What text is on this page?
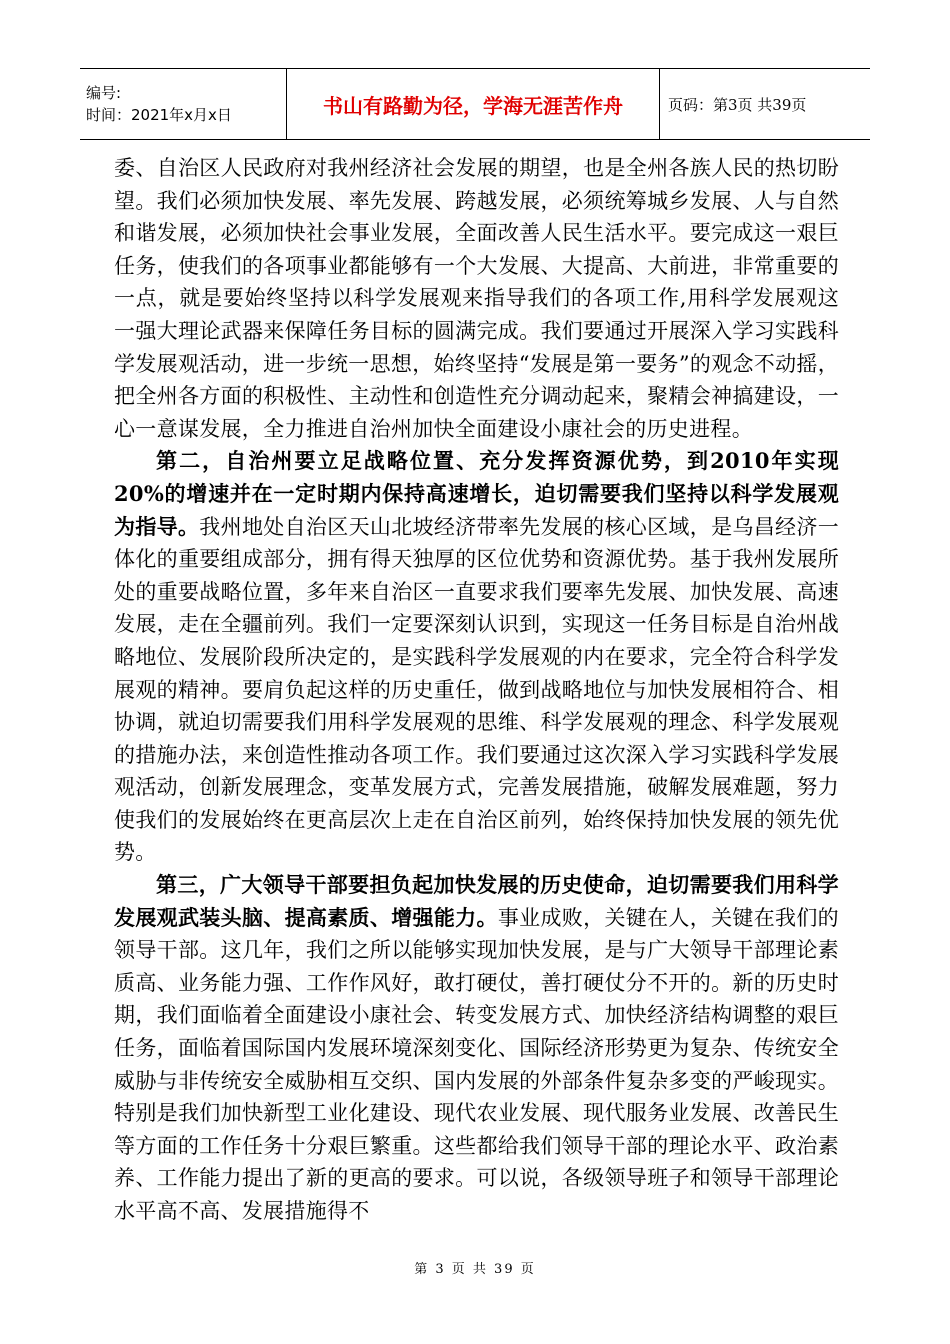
编号:
时间：2021年x月x日	书山有路勤为径，学海无涯苦作舟	页码：第3页 共39页

委、自治区人民政府对我州经济社会发展的期望，也是全州各族人民的热切盼望。我们必须加快发展、率先发展、跨越发展，必须统筹城乡发展、人与自然和谐发展，必须加快社会事业发展，全面改善人民生活水平。要完成这一艰巨任务，使我们的各项事业都能够有一个大发展、大提高、大前进，非常重要的一点，就是要始终坚持以科学发展观来指导我们的各项工作,用科学发展观这一强大理论武器来保障任务目标的圆满完成。我们要通过开展深入学习实践科学发展观活动，进一步统一思想，始终坚持“发展是第一要务”的观念不动摇，把全州各方面的积极性、主动性和创造性充分调动起来，聚精会神搞建设，一心一意谋发展，全力推进自治州加快全面建设小康社会的历史进程。

第二，自治州要立足战略位置、充分发挥资源优势，到2010年实现20%的增速并在一定时期内保持高速增长，迫切需要我们坚持以科学发展观为指导。我州地处自治区天山北坡经济带率先发展的核心区域，是乌昌经济一体化的重要组成部分，拥有得天独厚的区位优势和资源优势。基于我州发展所处的重要战略位置，多年来自治区一直要求我们要率先发展、加快发展、高速发展，走在全疆前列。我们一定要深刻认识到，实现这一任务目标是自治州战略地位、发展阶段所决定的，是实践科学发展观的内在要求，完全符合科学发展观的精神。要肩负起这样的历史重任，做到战略地位与加快发展相符合、相协调，就迫切需要我们用科学发展观的思维、科学发展观的理念、科学发展观的措施办法，来创造性推动各项工作。我们要通过这次深入学习实践科学发展观活动，创新发展理念，变革发展方式，完善发展措施，破解发展难题，努力使我们的发展始终在更高层次上走在自治区前列，始终保持加快发展的领先优势。

第三，广大领导干部要担负起加快发展的历史使命，迫切需要我们用科学发展观武装头脑、提高素质、增强能力。事业成败，关键在人，关键在我们的领导干部。这几年，我们之所以能够实现加快发展，是与广大领导干部理论素质高、业务能力强、工作作风好，敢打硬仗，善打硬仗分不开的。新的历史时期，我们面临着全面建设小康社会、转变发展方式、加快经济结构调整的艰巨任务，面临着国际国内发展环境深刻变化、国际经济形势更为复杂、传统安全威胁与非传统安全威胁相互交织、国内发展的外部条件复杂多变的严峻现实。特别是我们加快新型工业化建设、现代农业发展、现代服务业发展、改善民生等方面的工作任务十分艰巨繁重。这些都给我们领导干部的理论水平、政治素养、工作能力提出了新的更高的要求。可以说，各级领导班子和领导干部理论水平高不高、发展措施得不

第 3 页 共 39 页
